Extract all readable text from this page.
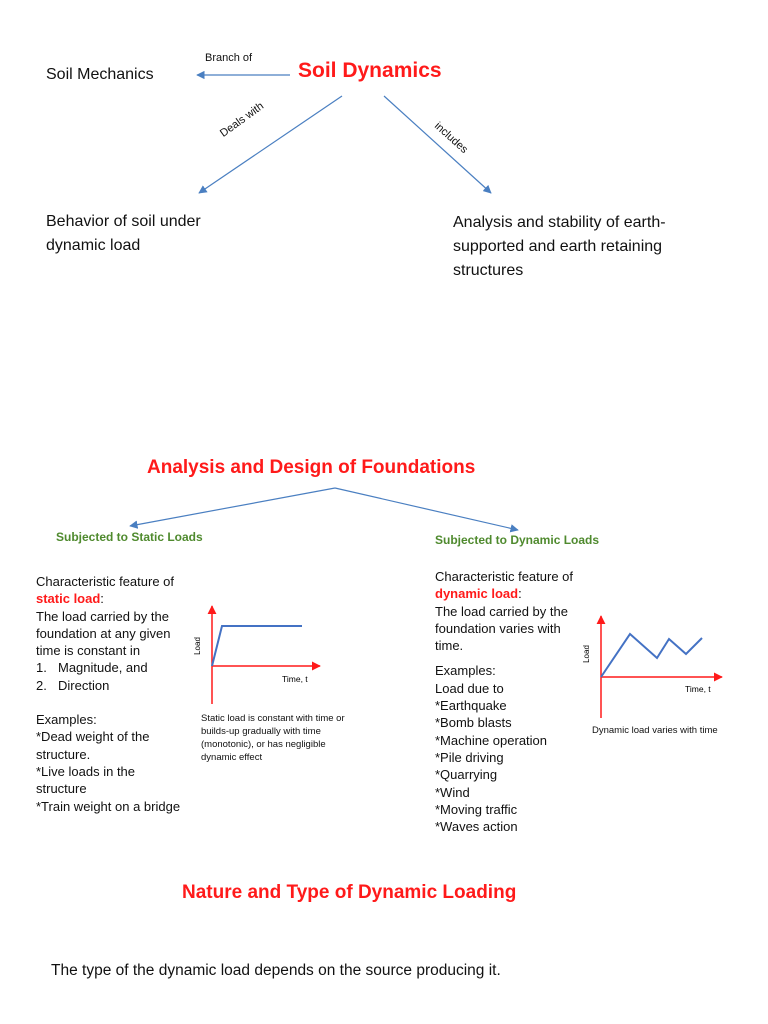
Soil Dynamics
Soil Mechanics
Branch of
Deals with	includes
Behavior of soil under dynamic load
Analysis and stability of earth-supported and earth retaining structures
Analysis and Design of Foundations
Subjected to Static Loads	Subjected to Dynamic Loads
Characteristic feature of
static load:
The load carried by the foundation at any given time is constant in
1. Magnitude, and
2. Direction
Examples:
*Dead weight of the structure.
*Live loads in the structure
*Train weight on a bridge
Load
Time, t
Static load is constant with time or builds-up gradually with time (monotonic), or has negligible dynamic effect
Characteristic feature of
dynamic load:
The load carried by the foundation varies with time.
Examples:
Load due to
*Earthquake
*Bomb blasts
*Machine operation
*Pile driving
*Quarrying
*Wind
*Moving traffic
*Waves action
Load
Time, t
Dynamic load varies with time
Nature and Type of Dynamic Loading
The type of the dynamic load depends on the source producing it.
